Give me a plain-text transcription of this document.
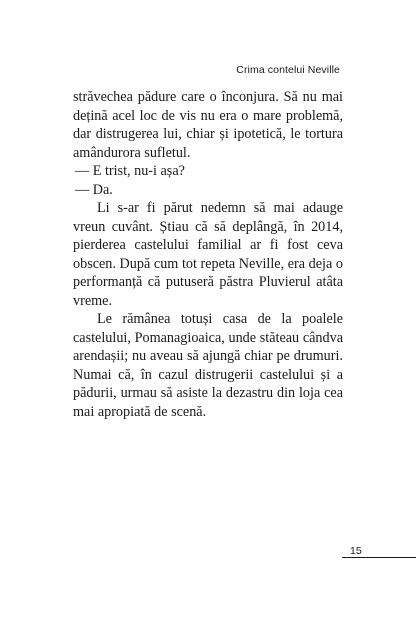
Crima contelui Neville

străvechea pădure care o înconjura. Să nu mai dețină acel loc de vis nu era o mare problemă, dar distrugerea lui, chiar și ipotetică, le tortura amândurora sufletul.

— E trist, nu-i așa?

— Da.

Li s-ar fi părut nedemn să mai adauge vreun cuvânt. Știau că să deplângă, în 2014, pierderea castelului familial ar fi fost ceva obscen. După cum tot repeta Neville, era deja o performanță că putuseră păstra Pluvierul atâta vreme.

Le rămânea totuși casa de la poalele castelului, Pomanagioaica, unde stăteau cândva arendașii; nu aveau să ajungă chiar pe drumuri. Numai că, în cazul distrugerii castelului și a pădurii, urmau să asiste la dezastru din loja cea mai apropiată de scenă.

15
